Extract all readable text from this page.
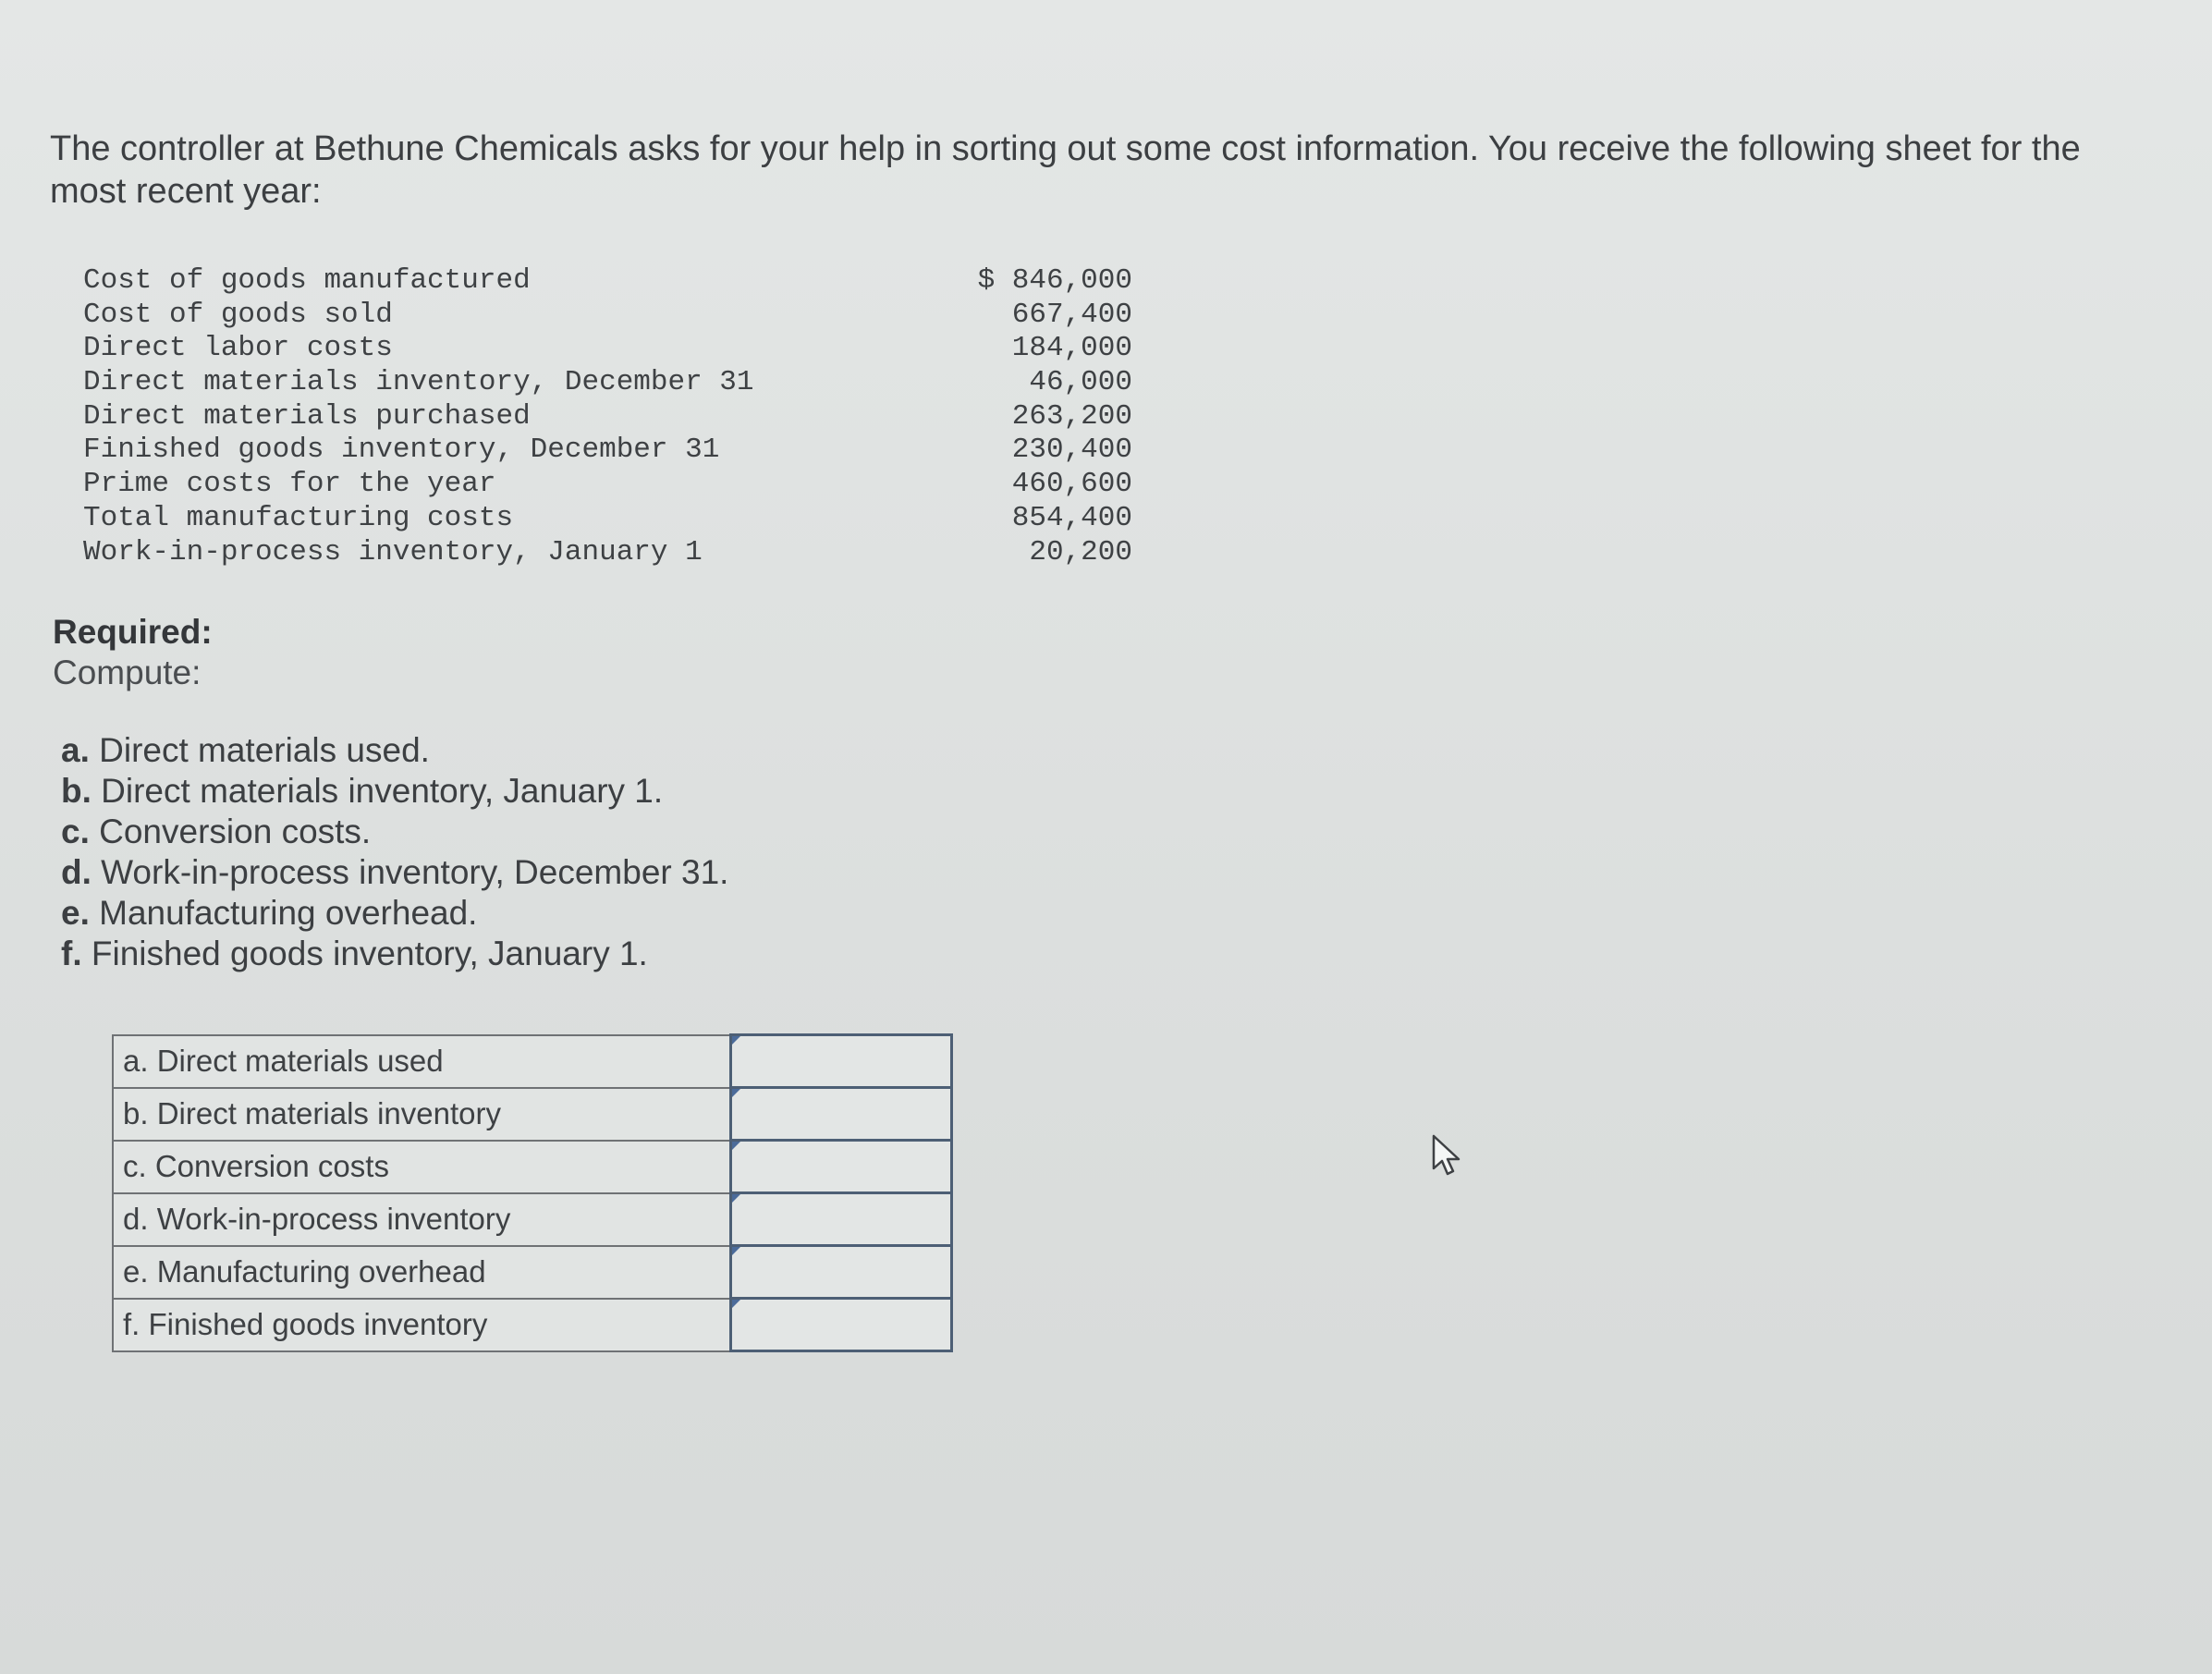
The controller at Bethune Chemicals asks for your help in sorting out some cost information. You receive the following sheet for the most recent year:
Cost of goods manufactured	$ 846,000
Cost of goods sold	667,400
Direct labor costs	184,000
Direct materials inventory, December 31	46,000
Direct materials purchased	263,200
Finished goods inventory, December 31	230,400
Prime costs for the year	460,600
Total manufacturing costs	854,400
Work-in-process inventory, January 1	20,200
Required:
Compute:
a. Direct materials used.
b. Direct materials inventory, January 1.
c. Conversion costs.
d. Work-in-process inventory, December 31.
e. Manufacturing overhead.
f. Finished goods inventory, January 1.
a. Direct materials used	

b. Direct materials inventory	

c. Conversion costs	

d. Work-in-process inventory	

e. Manufacturing overhead	

f. Finished goods inventory	
